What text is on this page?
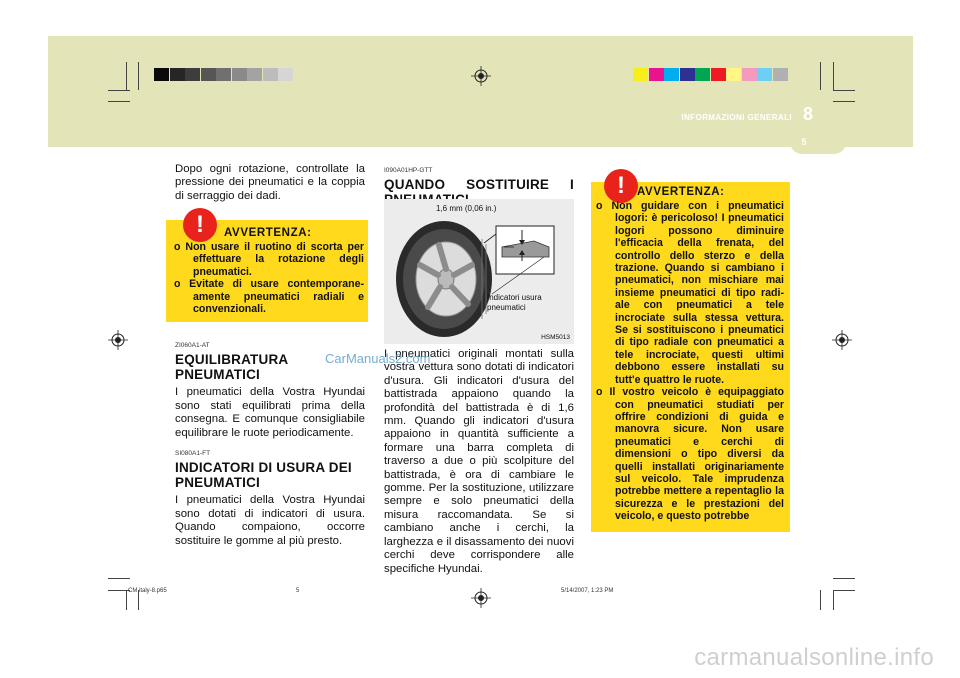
INFORMAZIONI GENERALI 8
5

Dopo ogni rotazione, controllate la pressione dei pneumatici e la coppia di serraggio dei dadi.

!	AVVERTENZA:
o Non usare il ruotino di scorta per effettuare la rotazione degli pneumatici.
o Evitate di usare contemporane-amente pneumatici radiali e convenzionali.
ZI060A1-AT
EQUILIBRATURA PNEUMATICI

I pneumatici della Vostra Hyundai sono stati equilibrati prima della consegna. E comunque consigliabile equilibrare le ruote periodicamente.

SI080A1-FT
INDICATORI DI USURA DEI PNEUMATICI

I pneumatici della Vostra Hyundai sono dotati di indicatori di usura. Quando compaiono, occorre sostituire le gomme al più presto.

I090A01HP-GTT
QUANDO SOSTITUIRE I
1,6 mm (0,06 in.)
Indicatori usura pneumatici
HSM5013

I pneumatici originali montati sulla vostra vettura sono dotati di indicatori d'usura. Gli indicatori d'usura del battistrada appaiono quando la profondità del battistrada è di 1,6 mm. Quando gli indicatori d'usura appaiono in quantità sufficiente a formare una barra completa di traverso a due o più scolpiture del battistrada, è ora di cambiare le gomme. Per la sostituzione, utilizzare sempre e solo pneumatici della misura raccomandata. Se si cambiano anche i cerchi, la larghezza e il disassamento dei nuovi cerchi deve corrispondere alle specifiche Hyundai.

!	AVVERTENZA:
o Non guidare con i pneumatici logori: è pericoloso! I pneumatici logori possono diminuire l'efficacia della frenata, del controllo dello sterzo e della trazione. Quando si cambiano i pneumatici, non mischiare mai insieme pneumatici di tipo radi-ale con pneumatici a tele incrociate sulla stessa vettura. Se si sostituiscono i pneumatici di tipo radiale con pneumatici a tele incrociate, questi ultimi debbono essere installati su tutt'e quattro le ruote.
o Il vostro veicolo è equipaggiato con pneumatici studiati per offrire condizioni di guida e manovra sicure. Non usare pneumatici e cerchi di dimensioni o tipo diversi da quelli installati originariamente sul veicolo. Tale imprudenza potrebbe mettere a repentaglio la sicurezza e le prestazioni del veicolo, e questo potrebbe
CarManuals2.com
CM italy-8.p65	5	5/14/2007, 1:23 PM
carmanualsonline.info
